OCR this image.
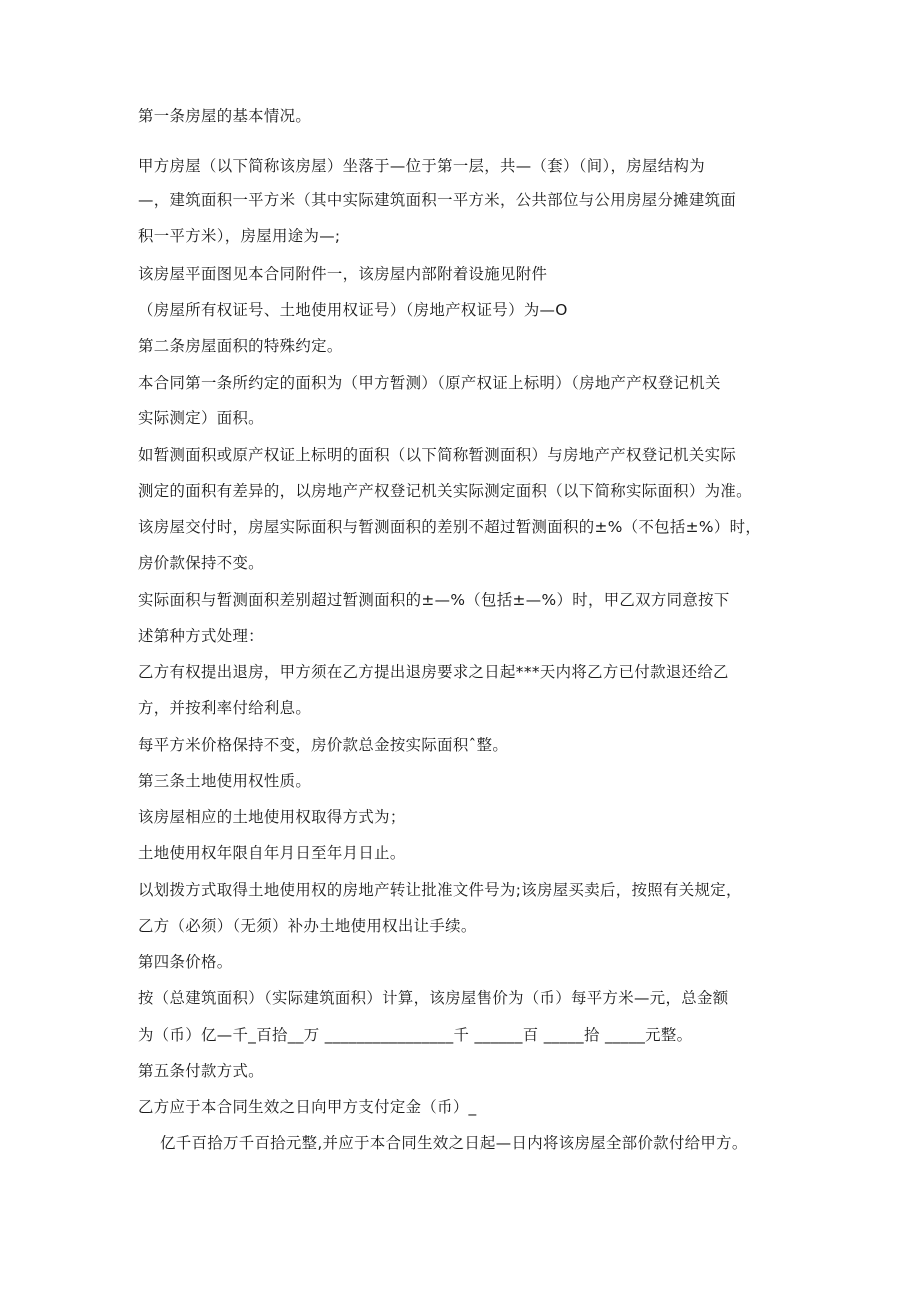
第一条房屋的基本情况。
甲方房屋（以下简称该房屋）坐落于—位于第一层，共—（套）（间），房屋结构为
—，建筑面积一平方米（其中实际建筑面积一平方米，公共部位与公用房屋分摊建筑面
积一平方米），房屋用途为—;
该房屋平面图见本合同附件一，该房屋内部附着设施见附件
（房屋所有权证号、土地使用权证号）（房地产权证号）为—O
第二条房屋面积的特殊约定。
本合同第一条所约定的面积为（甲方暂测）（原产权证上标明）（房地产产权登记机关
实际测定）面积。
如暂测面积或原产权证上标明的面积（以下简称暂测面积）与房地产产权登记机关实际
测定的面积有差异的，以房地产产权登记机关实际测定面积（以下简称实际面积）为准。
该房屋交付时，房屋实际面积与暂测面积的差别不超过暂测面积的±%（不包括±%）时，
房价款保持不变。
实际面积与暂测面积差别超过暂测面积的±—%（包括±—%）时，甲乙双方同意按下
述第种方式处理：
乙方有权提出退房，甲方须在乙方提出退房要求之日起***天内将乙方已付款退还给乙
方，并按利率付给利息。
每平方米价格保持不变，房价款总金按实际面积ˆ整。
第三条土地使用权性质。
该房屋相应的土地使用权取得方式为；
土地使用权年限自年月日至年月日止。
以划拨方式取得土地使用权的房地产转让批准文件号为;该房屋买卖后，按照有关规定，
乙方（必须）（无须）补办土地使用权出让手续。
第四条价格。
按（总建筑面积）（实际建筑面积）计算，该房屋售价为（币）每平方米—元，总金额
为（币）亿—千_百拾__万 ________________千 ______百 _____拾 _____元整。
第五条付款方式。
乙方应于本合同生效之日向甲方支付定金（币）_
亿千百拾万千百拾元整,并应于本合同生效之日起—日内将该房屋全部价款付给甲方。
